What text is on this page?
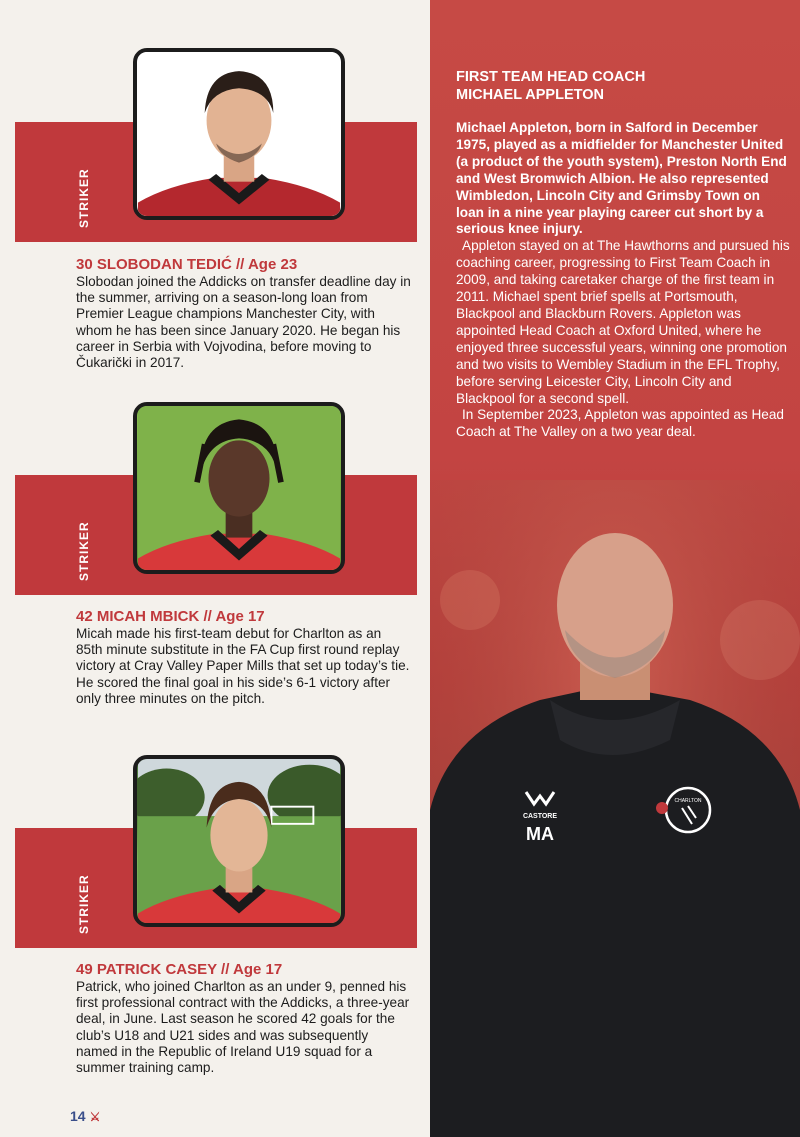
STRIKER
30 SLOBODAN TEDIĆ // Age 23
Slobodan joined the Addicks on transfer deadline day in the summer, arriving on a season-long loan from Premier League champions Manchester City, with whom he has been since January 2020. He began his career in Serbia with Vojvodina, before moving to Čukarički in 2017.
STRIKER
42 MICAH MBICK // Age 17
Micah made his first-team debut for Charlton as an 85th minute substitute in the FA Cup first round replay victory at Cray Valley Paper Mills that set up today’s tie. He scored the final goal in his side’s 6-1 victory after only three minutes on the pitch.
STRIKER
49 PATRICK CASEY // Age 17
Patrick, who joined Charlton as an under 9, penned his first professional contract with the Addicks, a three-year deal, in June. Last season he scored 42 goals for the club’s U18 and U21 sides and was subsequently named in the Republic of Ireland U19 squad for a summer training camp.
14 ⚔
FIRST TEAM HEAD COACH
MICHAEL APPLETON

Michael Appleton, born in Salford in December 1975, played as a midfielder for Manchester United (a product of the youth system), Preston North End and West Bromwich Albion. He also represented Wimbledon, Lincoln City and Grimsby Town on loan in a nine year playing career cut short by a serious knee injury.

Appleton stayed on at The Hawthorns and pursued his coaching career, progressing to First Team Coach in 2009, and taking caretaker charge of the first team in 2011. Michael spent brief spells at Portsmouth, Blackpool and Blackburn Rovers. Appleton was appointed Head Coach at Oxford United, where he enjoyed three successful years, winning one promotion and two visits to Wembley Stadium in the EFL Trophy, before serving Leicester City, Lincoln City and Blackpool for a second spell.

In September 2023, Appleton was appointed as Head Coach at The Valley on a two year deal.

CASTORE
MA
CHARLTON
